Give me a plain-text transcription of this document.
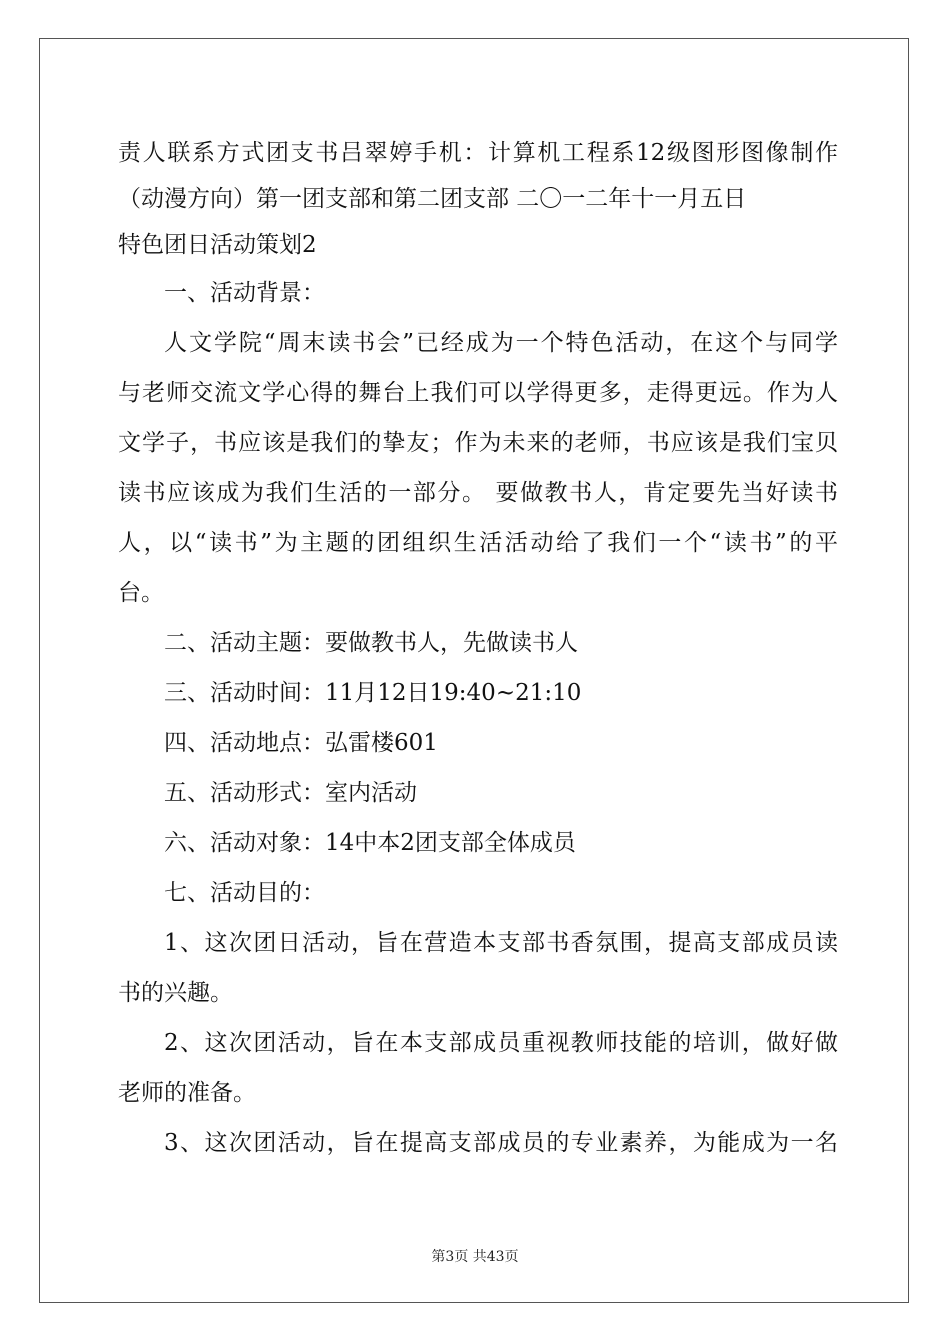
责人联系方式团支书吕翠婷手机：计算机工程系12级图形图像制作
（动漫方向）第一团支部和第二团支部 二〇一二年十一月五日
特色团日活动策划2
一、活动背景：
人文学院“周末读书会”已经成为一个特色活动，在这个与同学
与老师交流文学心得的舞台上我们可以学得更多，走得更远。作为人
文学子，书应该是我们的挚友；作为未来的老师，书应该是我们宝贝
读书应该成为我们生活的一部分。 要做教书人，肯定要先当好读书
人，以“读书”为主题的团组织生活活动给了我们一个“读书”的平
台。
二、活动主题：要做教书人，先做读书人
三、活动时间：11月12日19:40~21:10
四、活动地点：弘雷楼601
五、活动形式：室内活动
六、活动对象：14中本2团支部全体成员
七、活动目的：
1、这次团日活动，旨在营造本支部书香氛围，提高支部成员读
书的兴趣。
2、这次团活动，旨在本支部成员重视教师技能的培训，做好做
老师的准备。
3、这次团活动，旨在提高支部成员的专业素养，为能成为一名
第3页 共43页
